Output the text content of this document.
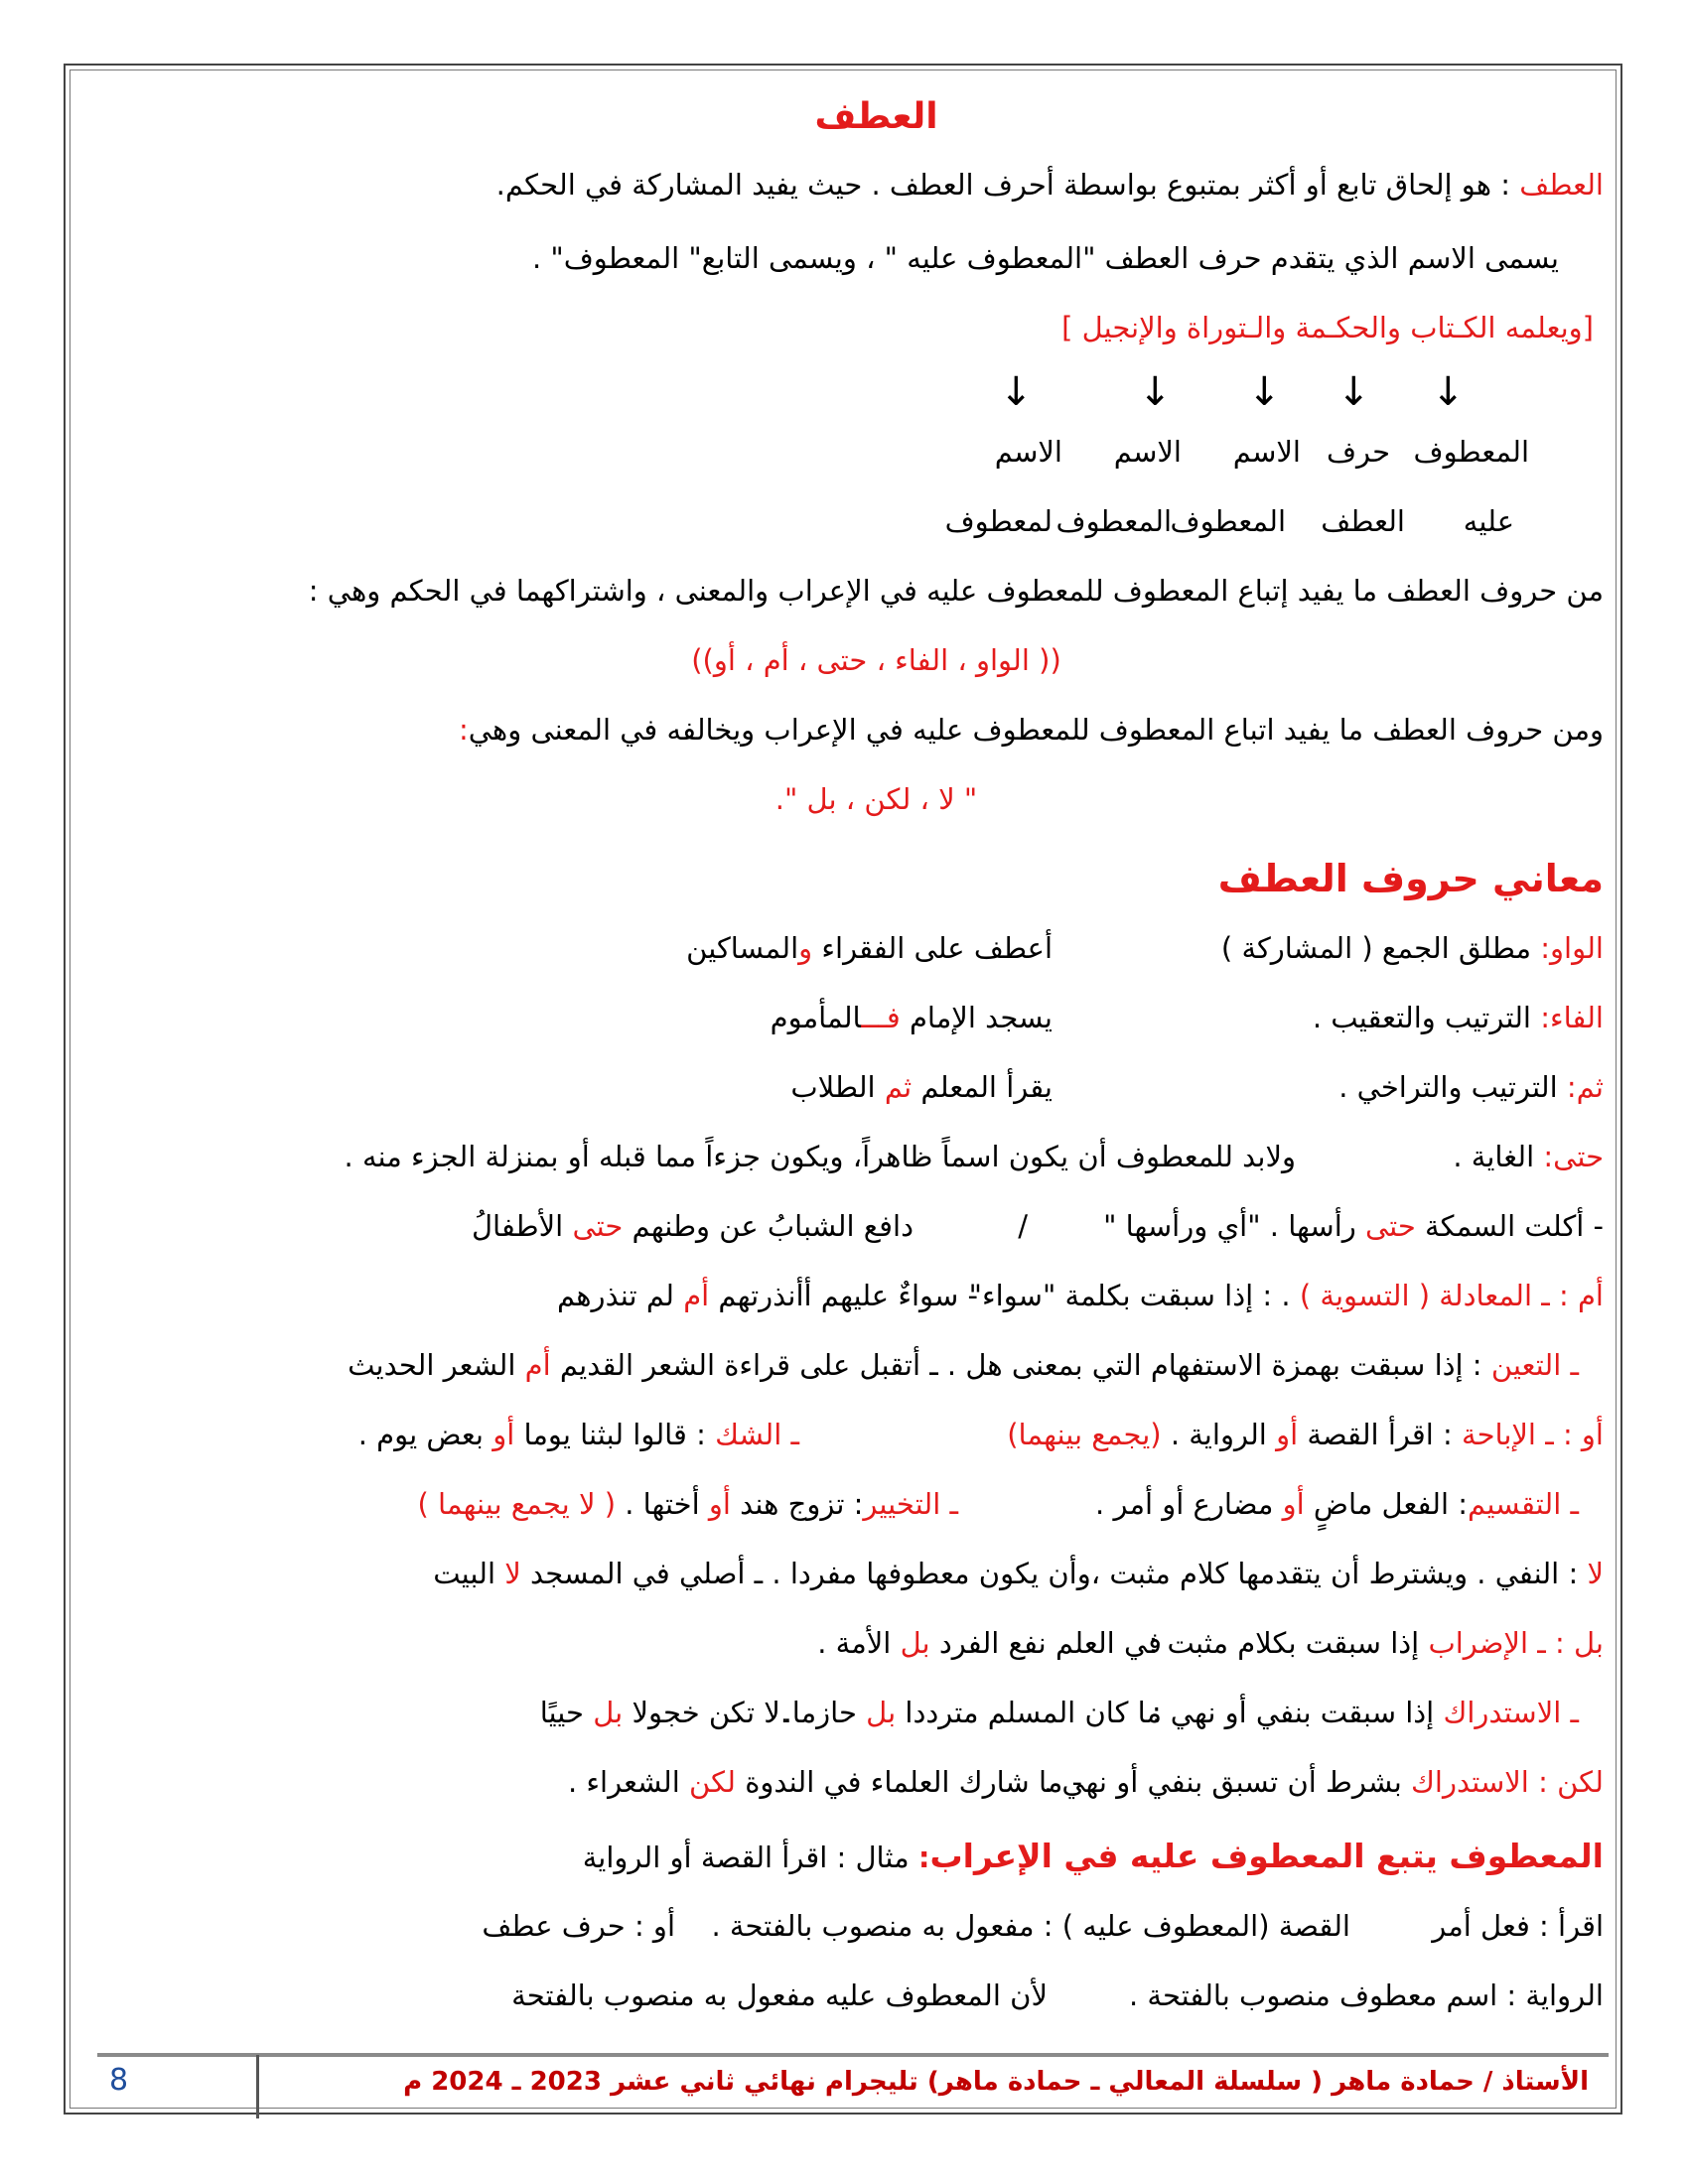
العطف
العطف : هو إلحاق تابع أو أكثر بمتبوع بواسطة أحرف العطف . حيث يفيد المشاركة في الحكم.
يسمى الاسم الذي يتقدم حرف العطف "المعطوف عليه " ، ويسمى التابع" المعطوف" .
[ويعلمه الكـتاب والحكـمة والـتوراة والإنجيل ]
↓
↓
↓
↓
↓
المعطوف
حرف
الاسم
الاسم
الاسم
عليه
العطف
المعطوف
المعطوف
لمعطوف
من حروف العطف ما يفيد إتباع المعطوف للمعطوف عليه في الإعراب والمعنى ، واشتراكهما في الحكم وهي :
(( الواو ، الفاء ، حتى ، أم ، أو))
ومن حروف العطف ما يفيد اتباع المعطوف للمعطوف عليه في الإعراب ويخالفه في المعنى وهي:
" لا ، لكن ، بل ".
معاني حروف العطف
الواو: مطلق الجمع ( المشاركة )
أعطف على الفقراء والمساكين
الفاء: الترتيب والتعقيب .
يسجد الإمام فـــالمأموم
ثم: الترتيب والتراخي .
يقرأ المعلم ثم الطلاب
حتى: الغاية .
ولابد للمعطوف أن يكون اسماً ظاهراً، ويكون جزءاً مما قبله أو بمنزلة الجزء منه .
- أكلت السمكة حتى رأسها . "أي ورأسها "
/
دافع الشبابُ عن وطنهم حتى الأطفالُ
أم : ـ المعادلة ( التسوية ) . : إذا سبقت بكلمة "سواء"
- سواءٌ عليهم أأنذرتهم أم لم تنذرهم
ـ التعين : إذا سبقت بهمزة الاستفهام التي بمعنى هل . ـ أتقبل على قراءة الشعر القديم أم الشعر الحديث
أو : ـ الإباحة : اقرأ القصة أو الرواية . (يجمع بينهما)
ـ الشك : قالوا لبثنا يوما أو بعض يوم .
ـ التقسيم: الفعل ماضٍ أو مضارع أو أمر .
ـ التخيير: تزوج هند أو أختها . ( لا يجمع بينهما )
لا : النفي . ويشترط أن يتقدمها كلام مثبت ،وأن يكون معطوفها مفردا . ـ أصلي في المسجد لا البيت
بل : ـ الإضراب إذا سبقت بكلام مثبت :
في العلم نفع الفرد بل الأمة .
ـ الاستدراك إذا سبقت بنفي أو نهي :
ما كان المسلم مترددا بل حازما.
.لا تكن خجولا بل حييًا
لكن : الاستدراك بشرط أن تسبق بنفي أو نهي .
- ما شارك العلماء في الندوة لكن الشعراء .
المعطوف يتبع المعطوف عليه في الإعراب: مثال : اقرأ القصة أو الرواية
اقرأ : فعل أمر
القصة (المعطوف عليه ) : مفعول به منصوب بالفتحة .
أو : حرف عطف
الرواية : اسم معطوف منصوب بالفتحة .
لأن المعطوف عليه مفعول به منصوب بالفتحة
8	الأستاذ / حمادة ماهر ( سلسلة المعالي ـ حمادة ماهر) تليجرام نهائي ثاني عشر 2023 ـ 2024 م
